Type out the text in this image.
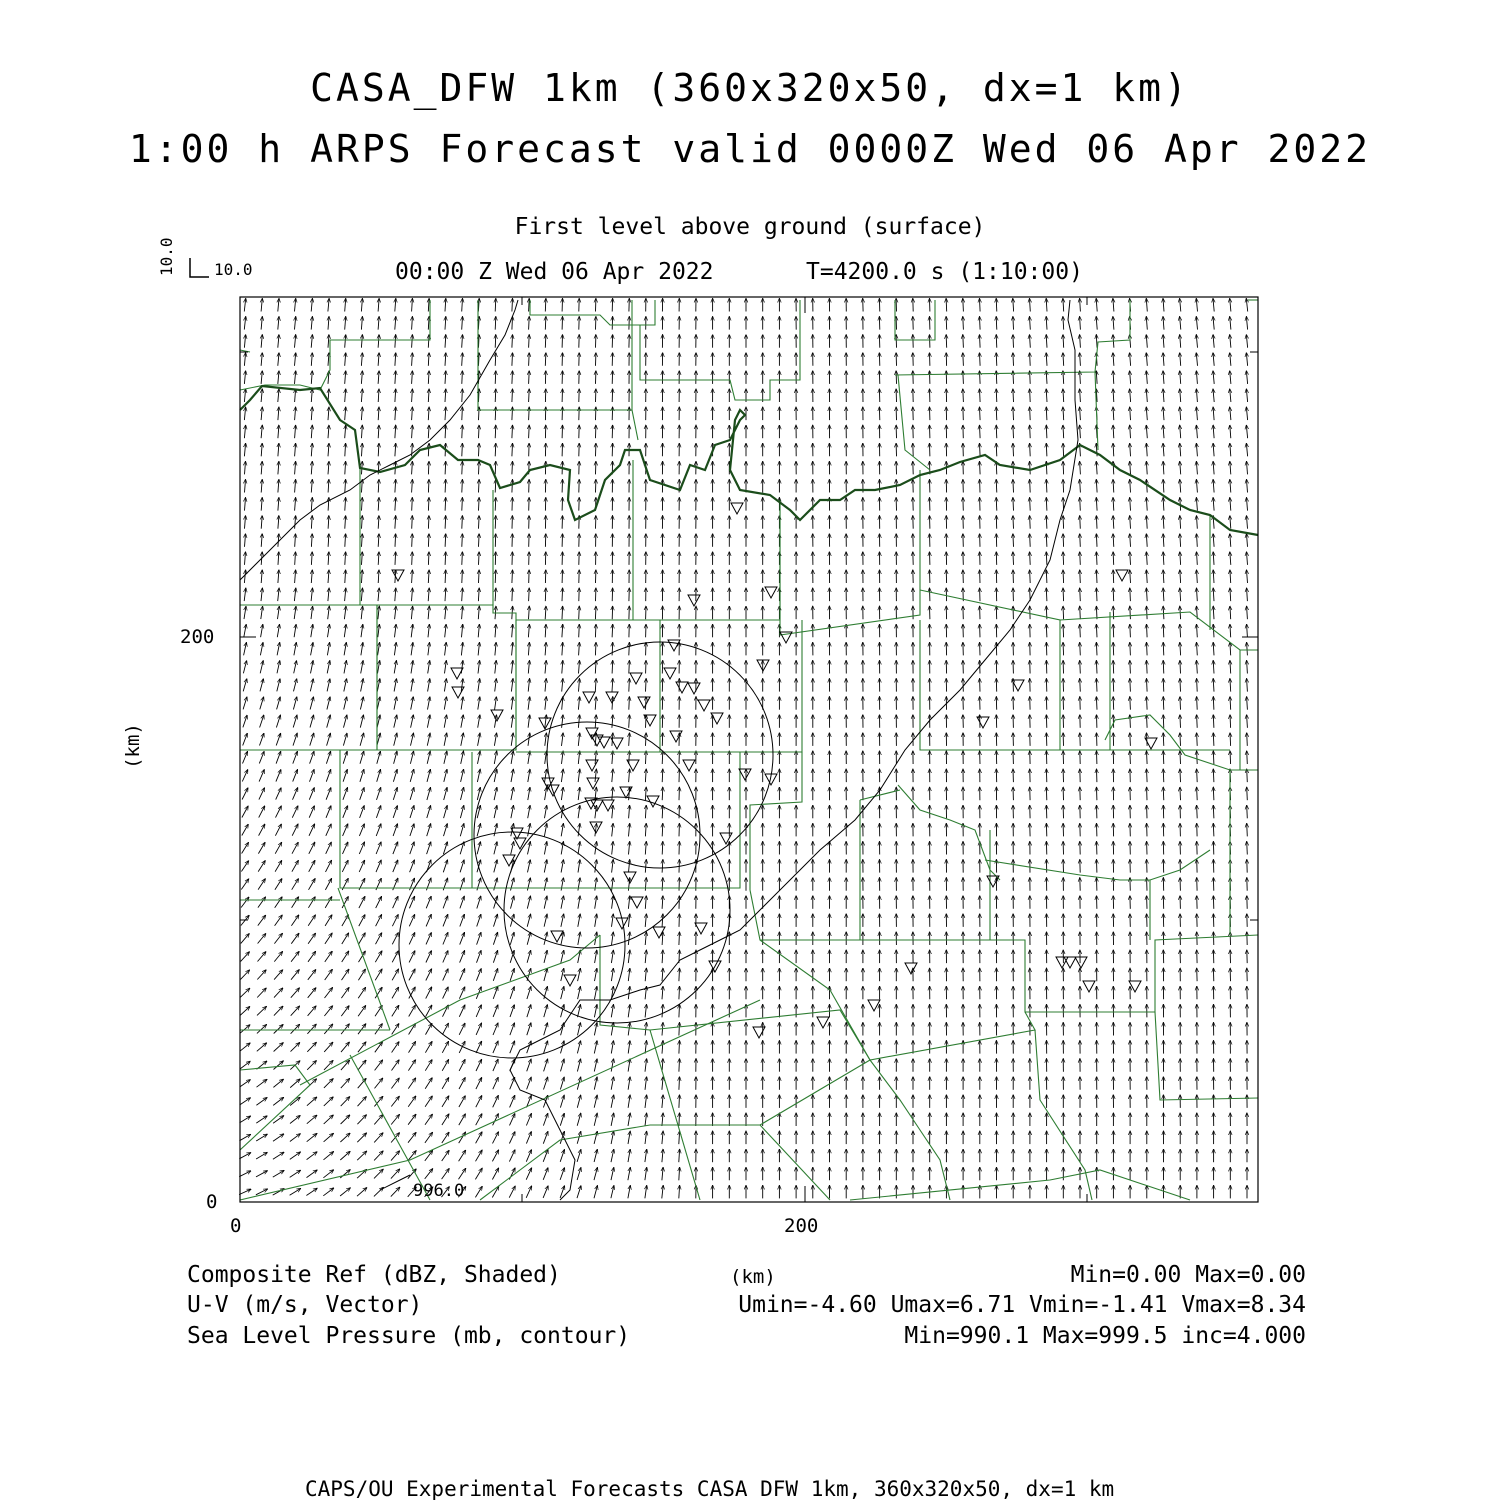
CASA_DFW 1km (360x320x50, dx=1 km)
1:00 h ARPS Forecast valid 0000Z Wed 06 Apr 2022
First level above ground (surface)
00:00 Z Wed 06 Apr 2022	T=4200.0 s (1:10:00)
10.0 10.0
996.0
200
0
0	200
(km)
(km)
Composite Ref (dBZ, Shaded)
U-V (m/s, Vector)
Sea Level Pressure (mb, contour)
Min=0.00 Max=0.00
Umin=-4.60 Umax=6.71 Vmin=-1.41 Vmax=8.34
Min=990.1 Max=999.5 inc=4.000
CAPS/OU Experimental Forecasts CASA DFW 1km, 360x320x50, dx=1 km
